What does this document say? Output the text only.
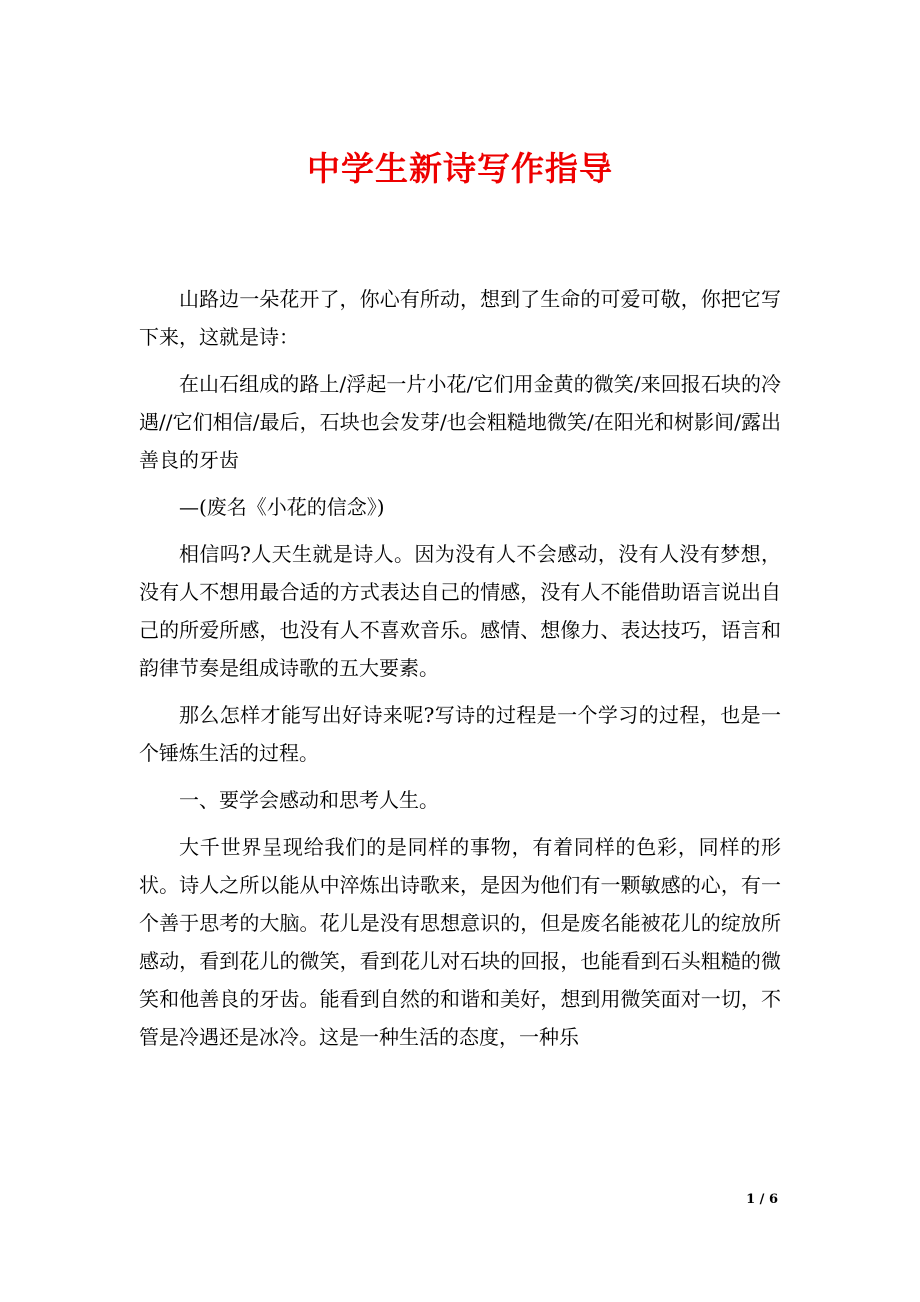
中学生新诗写作指导

山路边一朵花开了，你心有所动，想到了生命的可爱可敬，你把它写下来，这就是诗：

在山石组成的路上/浮起一片小花/它们用金黄的微笑/来回报石块的冷遇//它们相信/最后，石块也会发芽/也会粗糙地微笑/在阳光和树影间/露出善良的牙齿

—(废名《小花的信念》)

相信吗?人天生就是诗人。因为没有人不会感动，没有人没有梦想，没有人不想用最合适的方式表达自己的情感，没有人不能借助语言说出自己的所爱所感，也没有人不喜欢音乐。感情、想像力、表达技巧，语言和韵律节奏是组成诗歌的五大要素。

那么怎样才能写出好诗来呢?写诗的过程是一个学习的过程，也是一个锤炼生活的过程。

一、要学会感动和思考人生。

大千世界呈现给我们的是同样的事物，有着同样的色彩，同样的形状。诗人之所以能从中淬炼出诗歌来，是因为他们有一颗敏感的心，有一个善于思考的大脑。花儿是没有思想意识的，但是废名能被花儿的绽放所感动，看到花儿的微笑，看到花儿对石块的回报，也能看到石头粗糙的微笑和他善良的牙齿。能看到自然的和谐和美好，想到用微笑面对一切，不管是冷遇还是冰冷。这是一种生活的态度，一种乐

1 / 6
